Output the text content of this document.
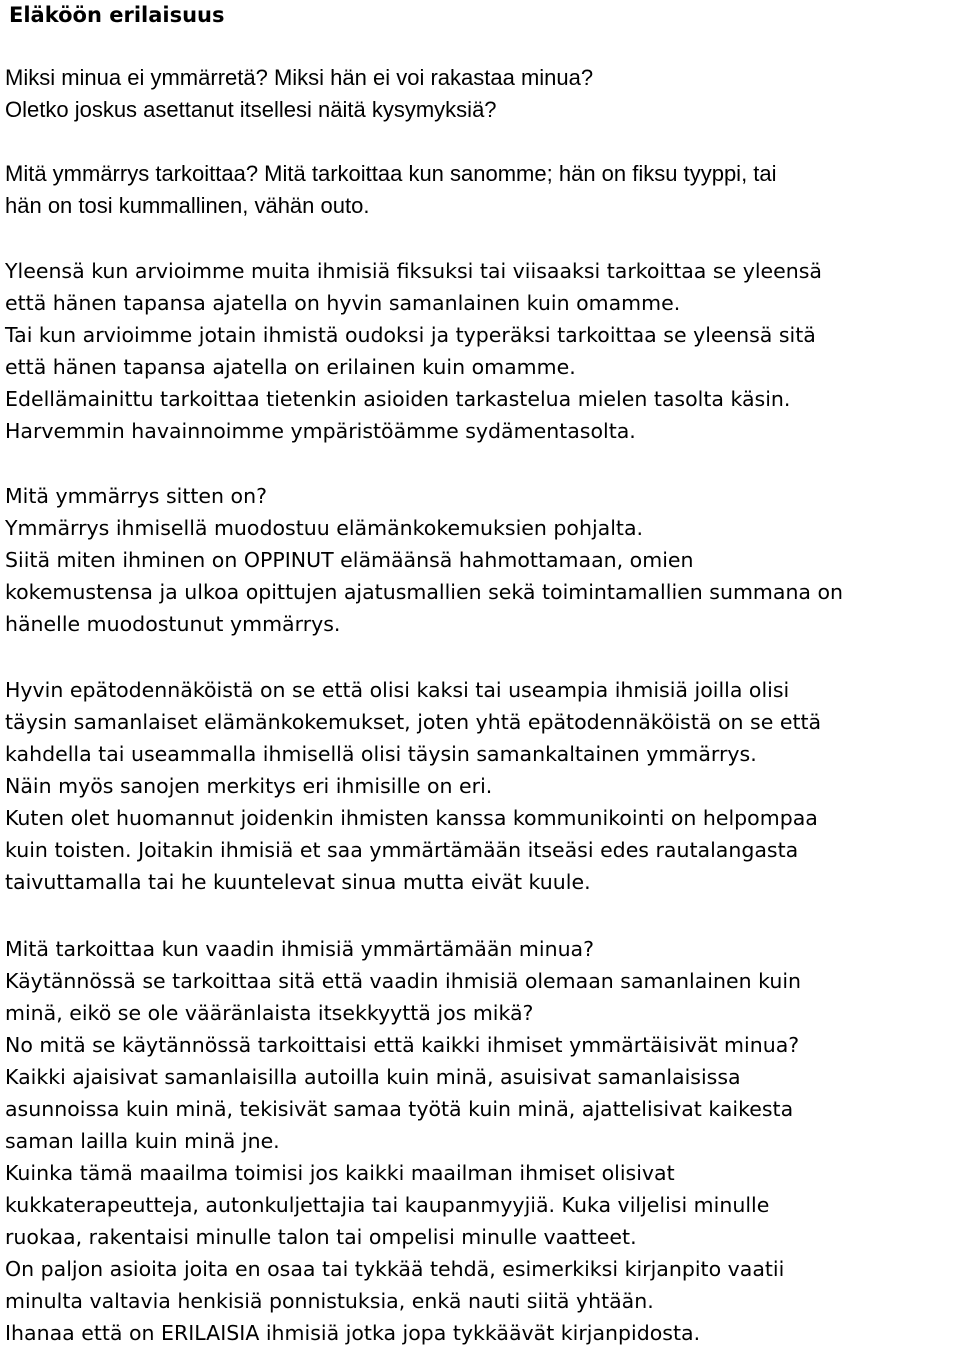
Eläköön erilaisuus

Miksi minua ei ymmärretä? Miksi hän ei voi rakastaa minua?
Oletko joskus asettanut itsellesi näitä kysymyksiä?

Mitä ymmärrys tarkoittaa? Mitä tarkoittaa kun sanomme; hän on fiksu tyyppi, tai
hän on tosi kummallinen, vähän outo.

Yleensä kun arvioimme muita ihmisiä fiksuksi tai viisaaksi tarkoittaa se yleensä
että hänen tapansa ajatella on hyvin samanlainen kuin omamme.
Tai kun arvioimme jotain ihmistä oudoksi ja typeräksi tarkoittaa se yleensä sitä
että hänen tapansa ajatella on erilainen kuin omamme.
Edellämainittu tarkoittaa tietenkin asioiden tarkastelua mielen tasolta käsin.
Harvemmin havainnoimme ympäristöämme sydämentasolta.

Mitä ymmärrys sitten on?
Ymmärrys ihmisellä muodostuu elämänkokemuksien pohjalta.
Siitä miten ihminen on OPPINUT elämäänsä hahmottamaan, omien
kokemustensa ja ulkoa opittujen ajatusmallien sekä toimintamallien summana on
hänelle muodostunut ymmärrys.

Hyvin epätodennäköistä on se että olisi kaksi tai useampia ihmisiä joilla olisi
täysin samanlaiset elämänkokemukset, joten yhtä epätodennäköistä on se että
kahdella tai useammalla ihmisellä olisi täysin samankaltainen ymmärrys.
Näin myös sanojen merkitys eri ihmisille on eri.
Kuten olet huomannut joidenkin ihmisten kanssa kommunikointi on helpompaa
kuin toisten. Joitakin ihmisiä et saa ymmärtämään itseäsi edes rautalangasta
taivuttamalla tai he kuuntelevat sinua mutta eivät kuule.

Mitä tarkoittaa kun vaadin ihmisiä ymmärtämään minua?
Käytännössä se tarkoittaa sitä että vaadin ihmisiä olemaan samanlainen kuin
minä, eikö se ole vääränlaista itsekkyyttä jos mikä?
No mitä se käytännössä tarkoittaisi että kaikki ihmiset ymmärtäisivät minua?
Kaikki ajaisivat samanlaisilla autoilla kuin minä, asuisivat samanlaisissa
asunnoissa kuin minä, tekisivät samaa työtä kuin minä, ajattelisivat kaikesta
saman lailla kuin minä jne.
Kuinka tämä maailma toimisi jos kaikki maailman ihmiset olisivat
kukkaterapeutteja, autonkuljettajia tai kaupanmyyjiä. Kuka viljelisi minulle
ruokaa, rakentaisi minulle talon tai ompelisi minulle vaatteet.
On paljon asioita joita en osaa tai tykkää tehdä, esimerkiksi kirjanpito vaatii
minulta valtavia henkisiä ponnistuksia, enkä nauti siitä yhtään.
Ihanaa että on ERILAISIA ihmisiä jotka jopa tykkäävät kirjanpidosta.
